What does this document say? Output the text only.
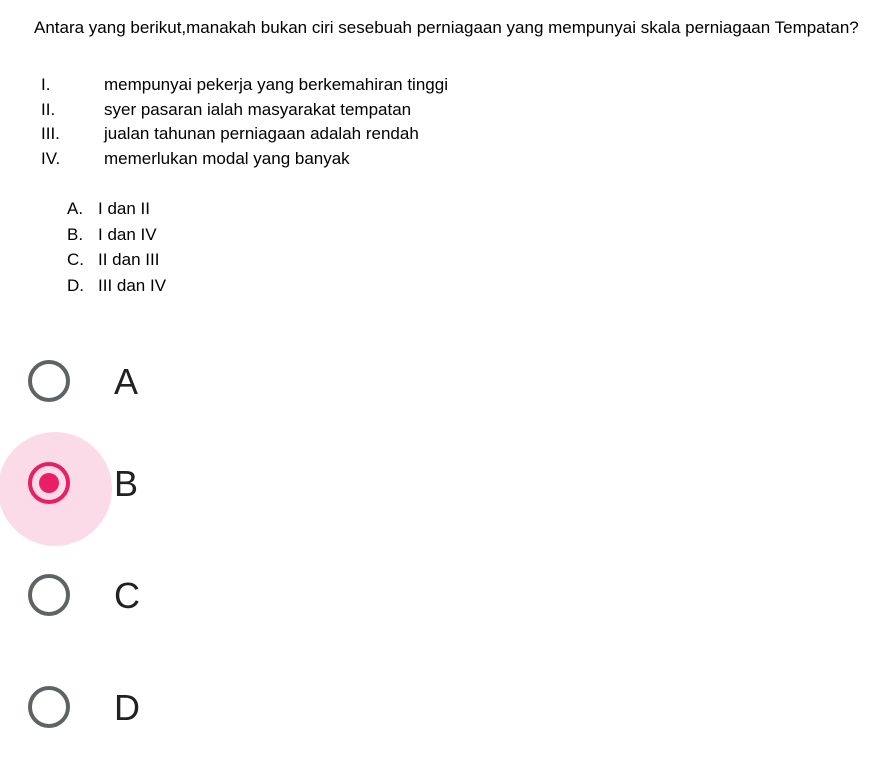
Antara yang berikut,manakah bukan ciri sesebuah perniagaan yang mempunyai skala perniagaan Tempatan?
I.	mempunyai pekerja yang berkemahiran tinggi
II.	syer pasaran ialah masyarakat tempatan
III.	jualan tahunan perniagaan adalah rendah
IV.	memerlukan modal yang banyak
A. I dan II
B. I dan IV
C. II dan III
D. III dan IV
A
B
C
D
